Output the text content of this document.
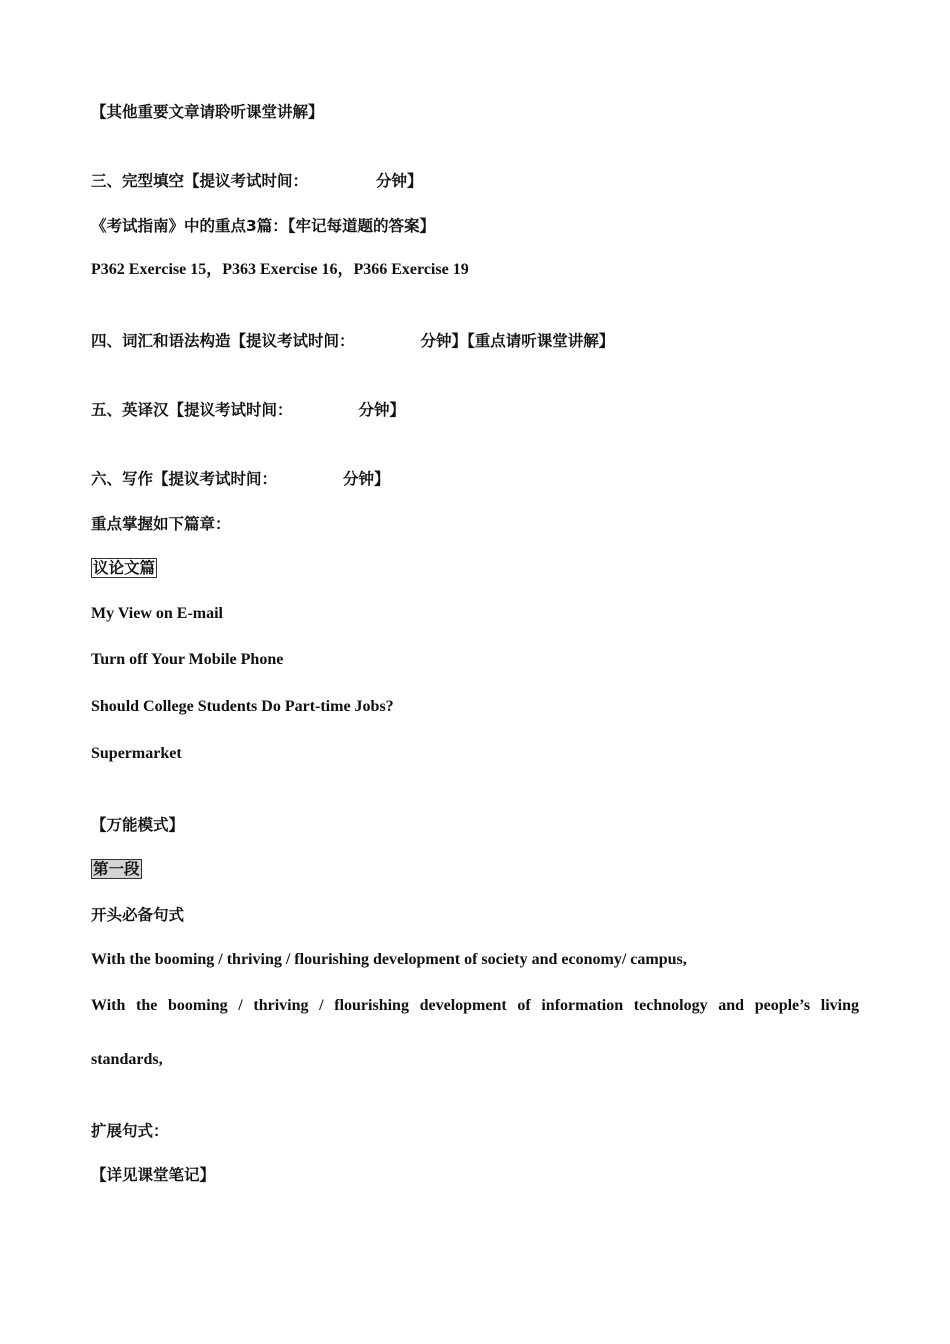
【其他重要文章请聆听课堂讲解】

三、完型填空【提议考试时间：	分钟】

《考试指南》中的重点3篇：【牢记每道题的答案】

P362 Exercise 15，P363 Exercise 16，P366 Exercise 19

四、词汇和语法构造【提议考试时间：	分钟】【重点请听课堂讲解】

五、英译汉【提议考试时间：	分钟】

六、写作【提议考试时间：	分钟】

重点掌握如下篇章：

议论文篇

My View on E-mail

Turn off Your Mobile Phone

Should College Students Do Part-time Jobs?

Supermarket

【万能模式】

第一段

开头必备句式

With the booming / thriving / flourishing development of society and economy/ campus,

With the booming / thriving / flourishing development of information technology and people’s living

standards,

扩展句式：

【详见课堂笔记】
